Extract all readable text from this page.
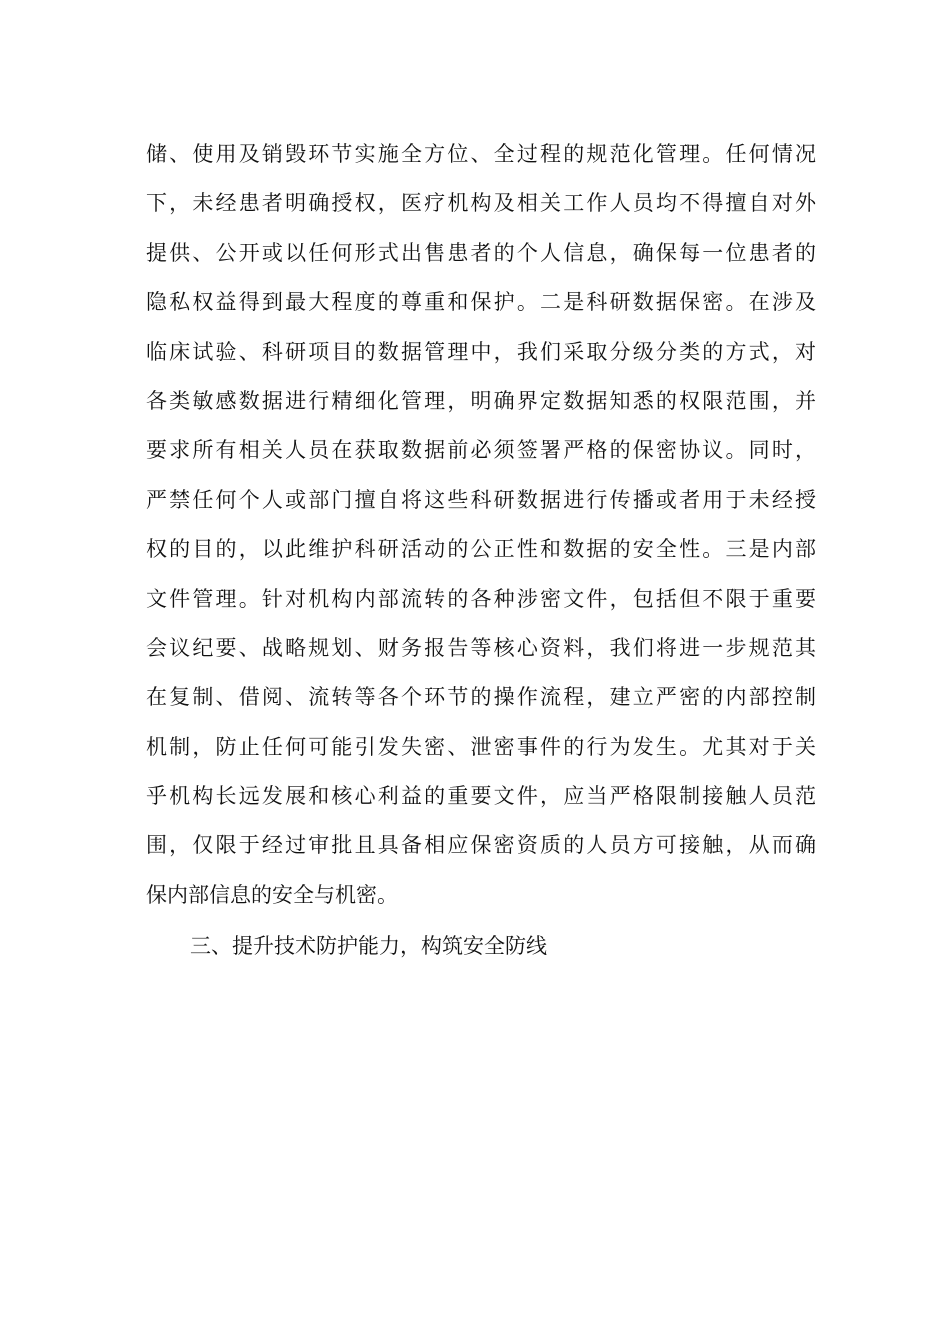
储、使用及销毁环节实施全方位、全过程的规范化管理。任何情况
下，未经患者明确授权，医疗机构及相关工作人员均不得擅自对外
提供、公开或以任何形式出售患者的个人信息，确保每一位患者的
隐私权益得到最大程度的尊重和保护。二是科研数据保密。在涉及
临床试验、科研项目的数据管理中，我们采取分级分类的方式，对
各类敏感数据进行精细化管理，明确界定数据知悉的权限范围，并
要求所有相关人员在获取数据前必须签署严格的保密协议。同时，
严禁任何个人或部门擅自将这些科研数据进行传播或者用于未经授
权的目的，以此维护科研活动的公正性和数据的安全性。三是内部
文件管理。针对机构内部流转的各种涉密文件，包括但不限于重要
会议纪要、战略规划、财务报告等核心资料，我们将进一步规范其
在复制、借阅、流转等各个环节的操作流程，建立严密的内部控制
机制，防止任何可能引发失密、泄密事件的行为发生。尤其对于关
乎机构长远发展和核心利益的重要文件，应当严格限制接触人员范
围，仅限于经过审批且具备相应保密资质的人员方可接触，从而确
保内部信息的安全与机密。
三、提升技术防护能力，构筑安全防线
